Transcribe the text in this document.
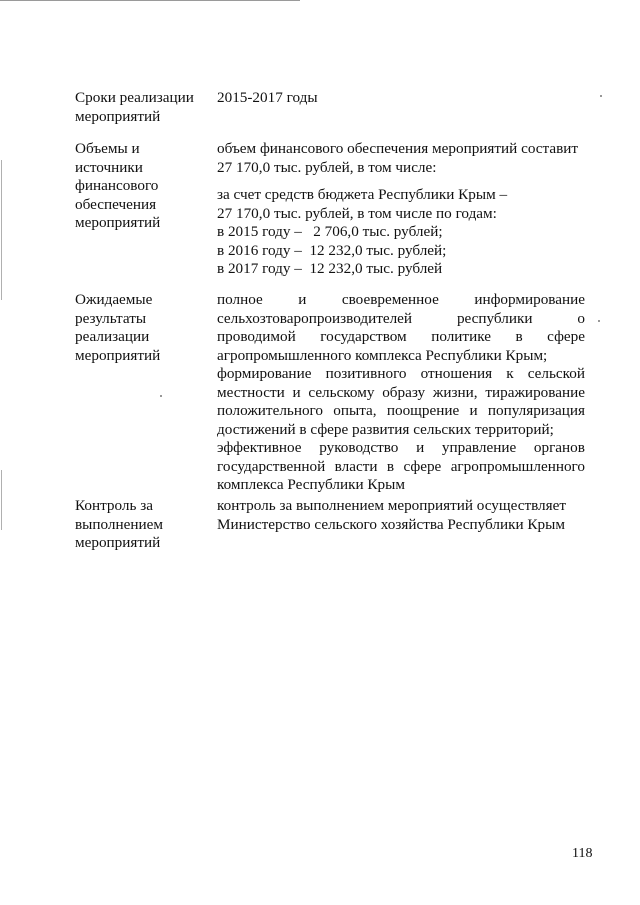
Сроки реализации
мероприятий
2015-2017 годы
Объемы и
источники
финансового
обеспечения
мероприятий
объем финансового обеспечения мероприятий составит
27 170,0 тыс. рублей, в том числе:
за счет средств бюджета Республики Крым –
27 170,0 тыс. рублей, в том числе по годам:
в 2015 году –   2 706,0 тыс. рублей;
в 2016 году –  12 232,0 тыс. рублей;
в 2017 году –  12 232,0 тыс. рублей
Ожидаемые
результаты
реализации
мероприятий
полное и своевременное информирование
сельхозтоваропроизводителей	республики	о
проводимой государством политике в сфере
агропромышленного комплекса Республики Крым;
формирование позитивного отношения к сельской
местности и сельскому образу жизни, тиражирование
положительного опыта, поощрение и популяризация
достижений в сфере развития сельских территорий;
эффективное руководство и управление органов
государственной власти в сфере агропромышленного
комплекса Республики Крым
Контроль за
выполнением
мероприятий
контроль за выполнением мероприятий осуществляет
Министерство сельского хозяйства Республики Крым
118
